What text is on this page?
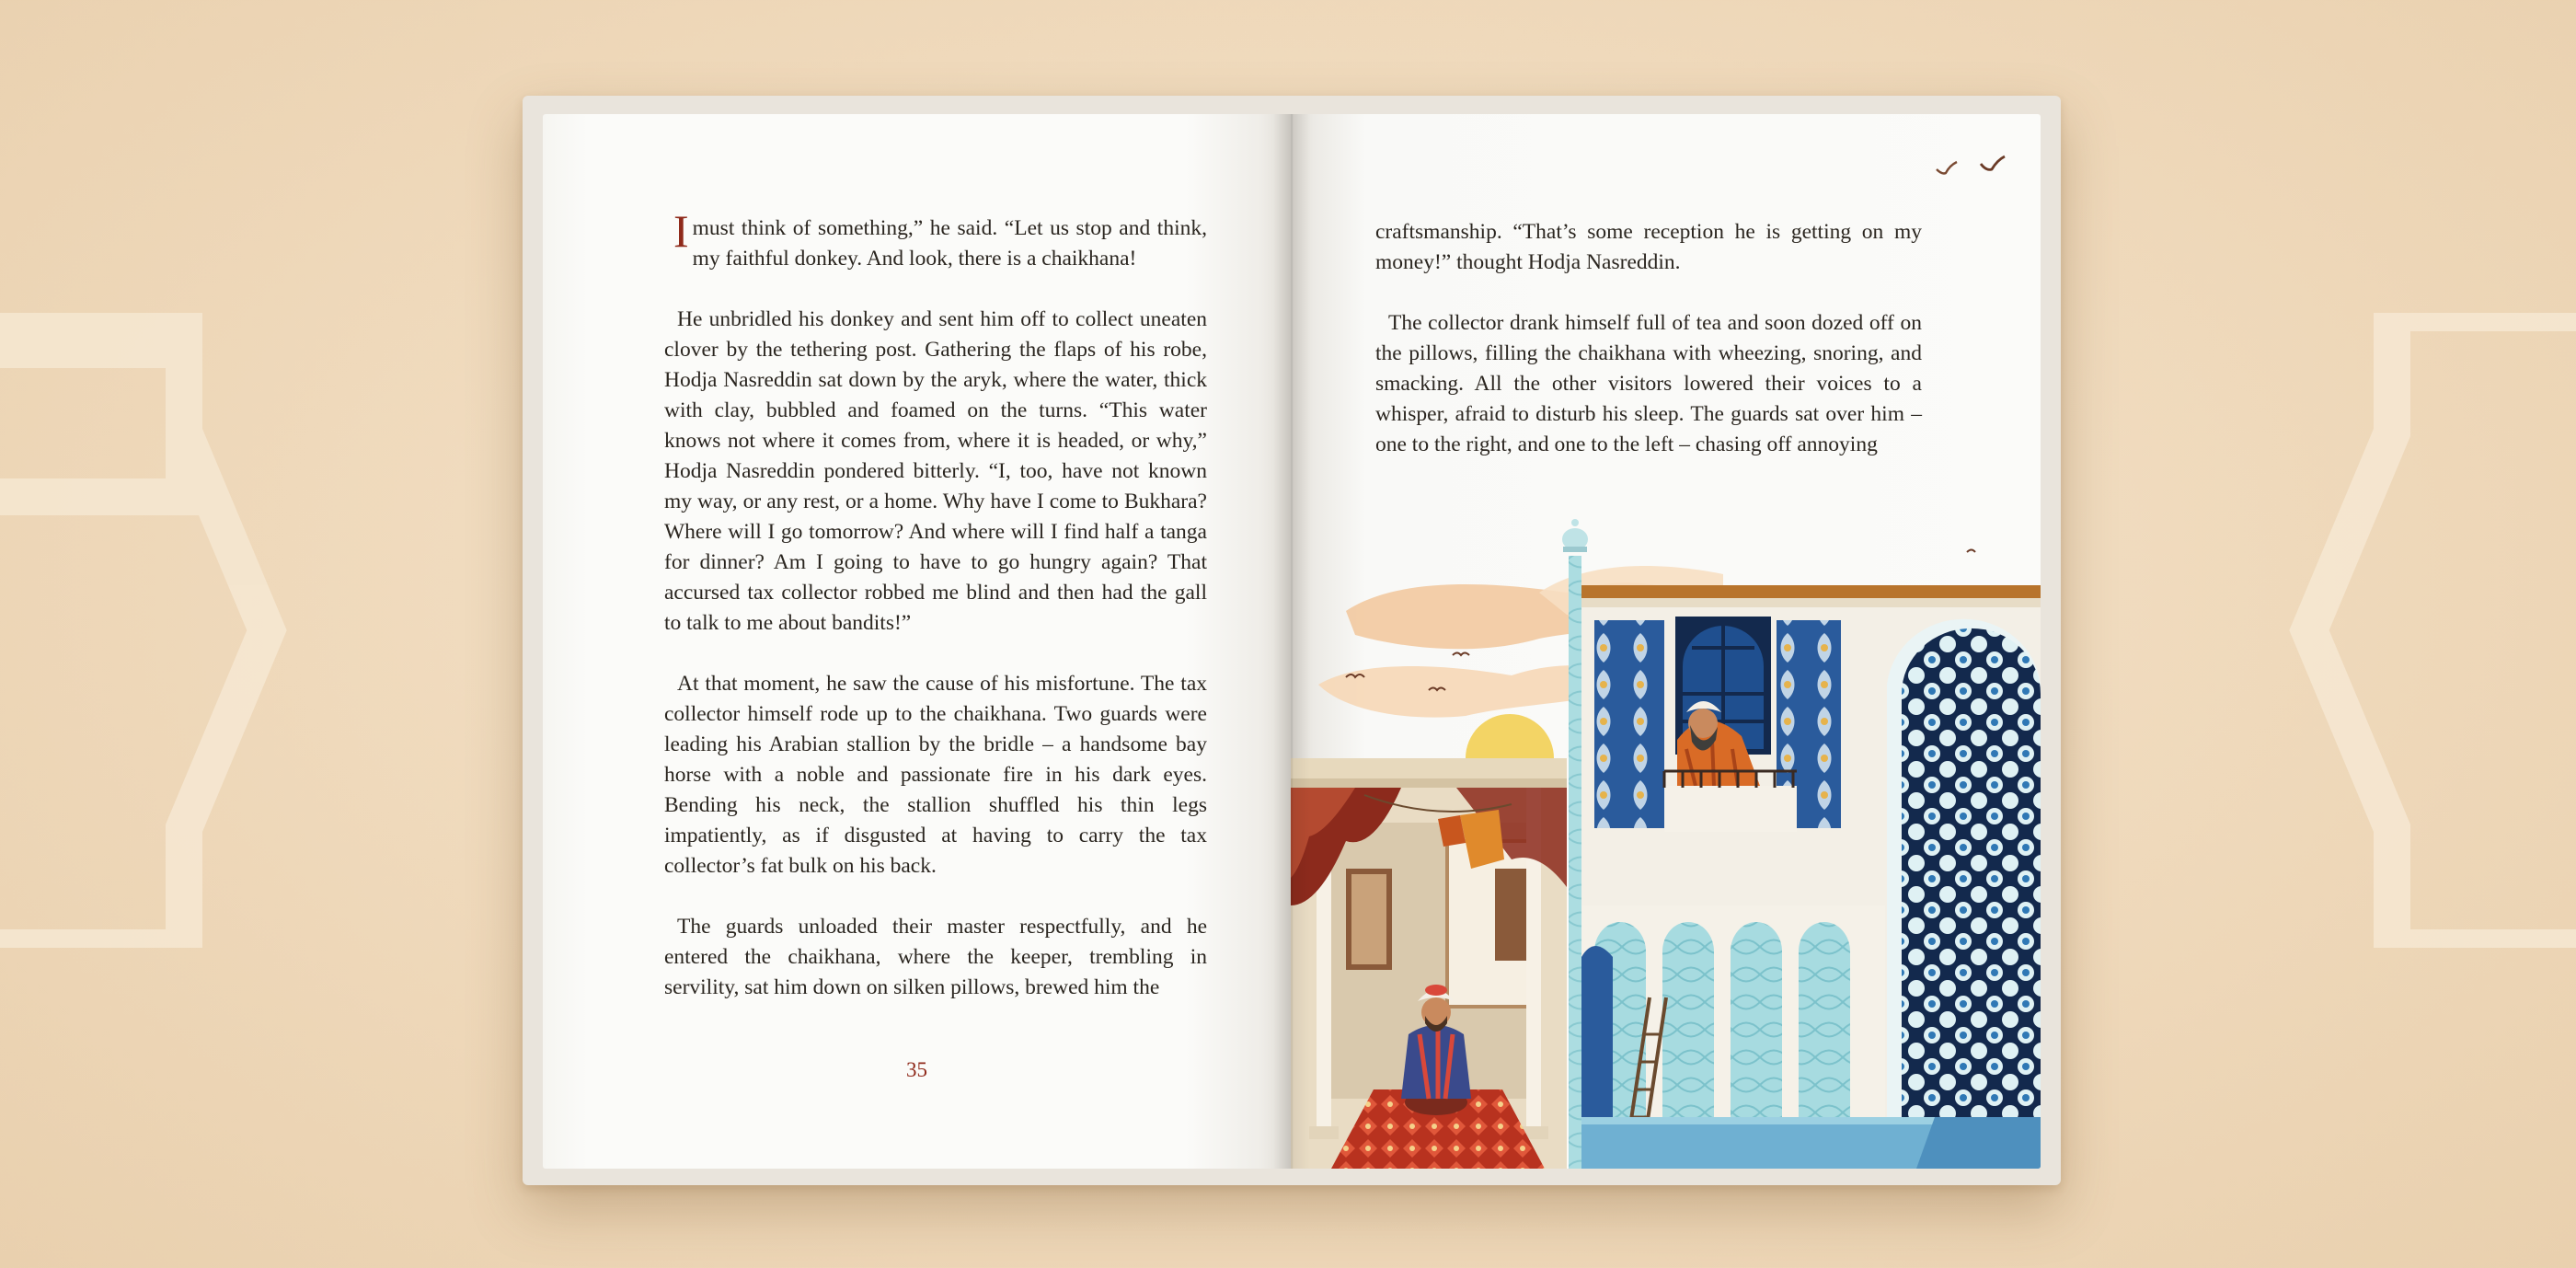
Imust think of something,” he said. “Let us stop and think, my faithful donkey. And look, there is a chaikhana!

He unbridled his donkey and sent him off to collect uneaten clover by the tethering post. Gathering the flaps of his robe, Hodja Nasreddin sat down by the aryk, where the water, thick with clay, bubbled and foamed on the turns. “This water knows not where it comes from, where it is headed, or why,” Hodja Nasreddin pondered bitterly. “I, too, have not known my way, or any rest, or a home. Why have I come to Bukhara? Where will I go tomorrow? And where will I find half a tanga for dinner? Am I going to have to go hungry again? That accursed tax collector robbed me blind and then had the gall to talk to me about bandits!”

At that moment, he saw the cause of his misfortune. The tax collector himself rode up to the chaikhana. Two guards were leading his Arabian stallion by the bridle – a handsome bay horse with a noble and passionate fire in his dark eyes. Bending his neck, the stallion shuffled his thin legs impatiently, as if disgusted at having to carry the tax collector’s fat bulk on his back.

The guards unloaded their master respectfully, and he entered the chaikhana, where the keeper, trembling in servility, sat him down on silken pillows, brewed him the

35

craftsmanship. “That’s some reception he is getting on my money!” thought Hodja Nasreddin.

The collector drank himself full of tea and soon dozed off on the pillows, filling the chaikhana with wheezing, snoring, and smacking. All the other visitors lowered their voices to a whisper, afraid to disturb his sleep. The guards sat over him – one to the right, and one to the left – chasing off annoying
